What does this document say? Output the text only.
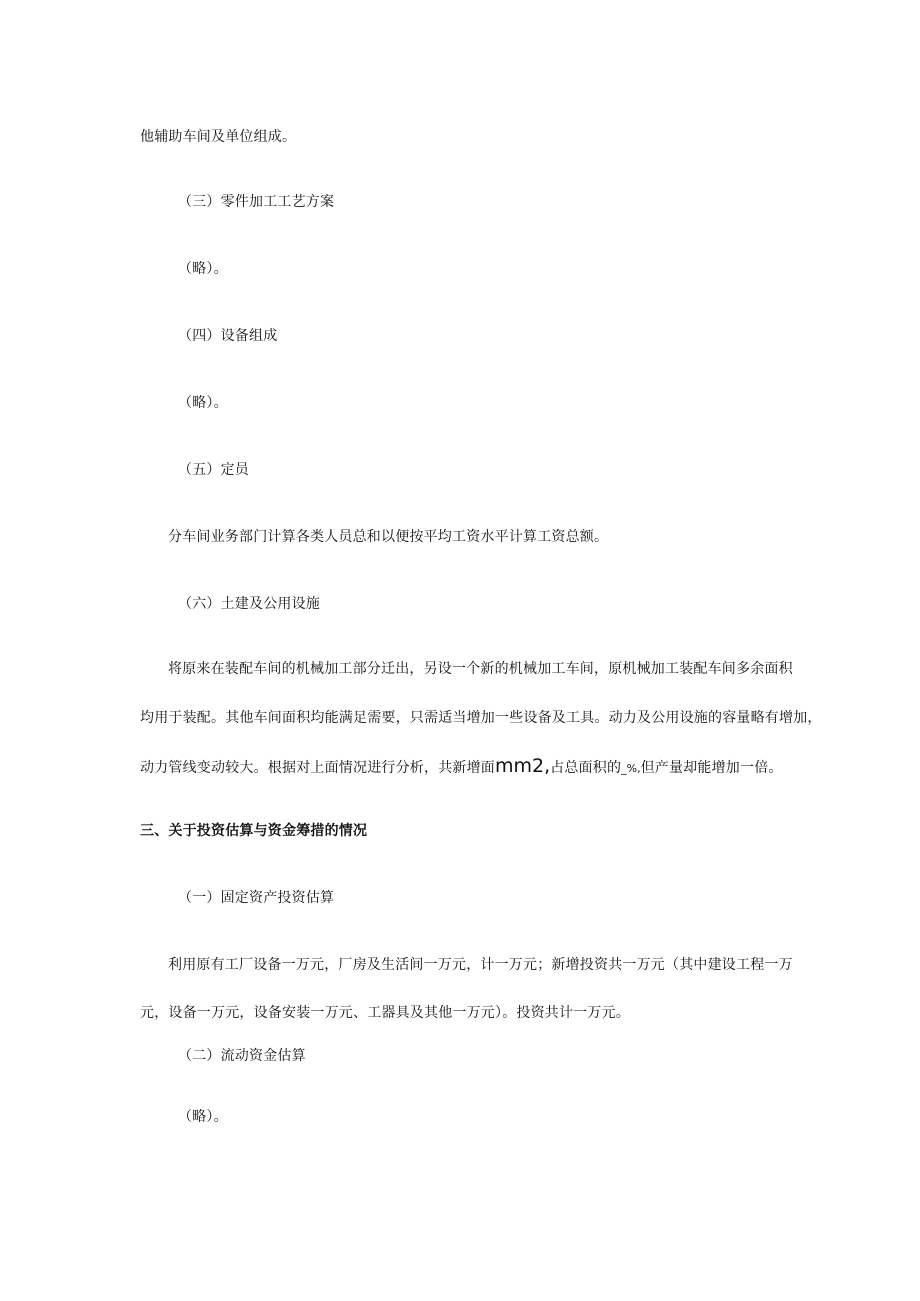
他辅助车间及单位组成。
（三）零件加工工艺方案
（略）。
（四）设备组成
（略）。
（五）定员
分车间业务部门计算各类人员总和以便按平均工资水平计算工资总额。
（六）土建及公用设施
将原来在装配车间的机械加工部分迁出，另设一个新的机械加工车间，原机械加工装配车间多余面积
均用于装配。其他车间面积均能满足需要，只需适当增加一些设备及工具。动力及公用设施的容量略有增加，
动力管线变动较大。根据对上面情况进行分析，共新增面mm2,占总面积的_%,但产量却能增加一倍。
三、关于投资估算与资金筹措的情况
（一）固定资产投资估算
利用原有工厂设备一万元，厂房及生活间一万元，计一万元；新增投资共一万元（其中建设工程一万
元，设备一万元，设备安装一万元、工器具及其他一万元）。投资共计一万元。
（二）流动资金估算
（略）。
